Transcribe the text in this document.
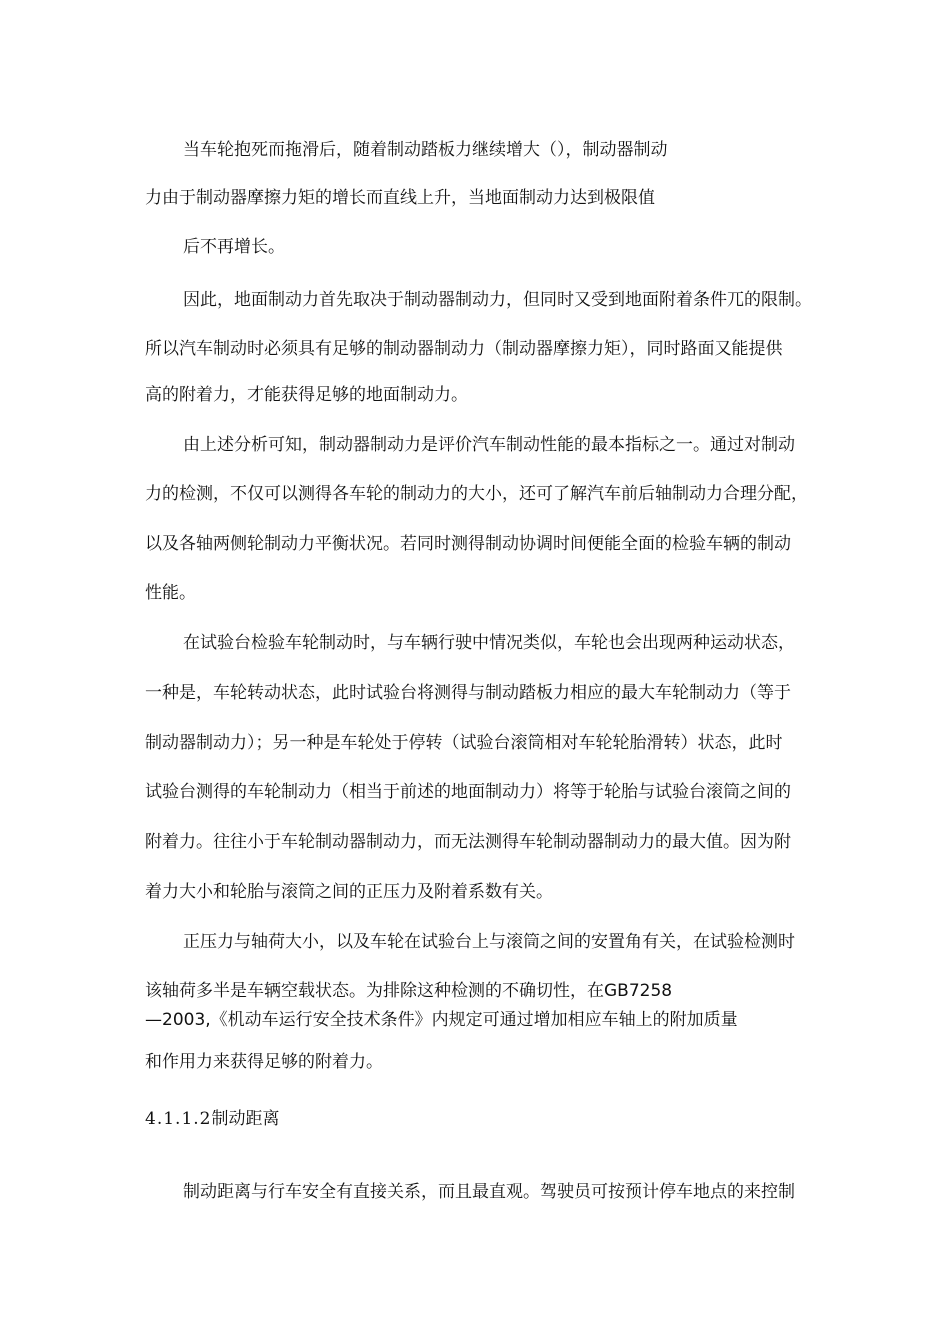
当车轮抱死而拖滑后，随着制动踏板力继续增大（），制动器制动
力由于制动器摩擦力矩的增长而直线上升，当地面制动力达到极限值
后不再增长。
因此，地面制动力首先取决于制动器制动力，但同时又受到地面附着条件兀的限制。
所以汽车制动时必须具有足够的制动器制动力（制动器摩擦力矩），同时路面又能提供
高的附着力，才能获得足够的地面制动力。
由上述分析可知，制动器制动力是评价汽车制动性能的最本指标之一。通过对制动
力的检测，不仅可以测得各车轮的制动力的大小，还可了解汽车前后轴制动力合理分配，
以及各轴两侧轮制动力平衡状况。若同时测得制动协调时间便能全面的检验车辆的制动
性能。
在试验台检验车轮制动时，与车辆行驶中情况类似，车轮也会出现两种运动状态，
一种是，车轮转动状态，此时试验台将测得与制动踏板力相应的最大车轮制动力（等于
制动器制动力）；另一种是车轮处于停转（试验台滚筒相对车轮轮胎滑转）状态，此时
试验台测得的车轮制动力（相当于前述的地面制动力）将等于轮胎与试验台滚筒之间的
附着力。往往小于车轮制动器制动力，而无法测得车轮制动器制动力的最大值。因为附
着力大小和轮胎与滚筒之间的正压力及附着系数有关。
正压力与轴荷大小，以及车轮在试验台上与滚筒之间的安置角有关，在试验检测时
该轴荷多半是车辆空载状态。为排除这种检测的不确切性，在GB7258
—2003,《机动车运行安全技术条件》内规定可通过增加相应车轴上的附加质量
和作用力来获得足够的附着力。
4.1.1.2制动距离
制动距离与行车安全有直接关系，而且最直观。驾驶员可按预计停车地点的来控制
